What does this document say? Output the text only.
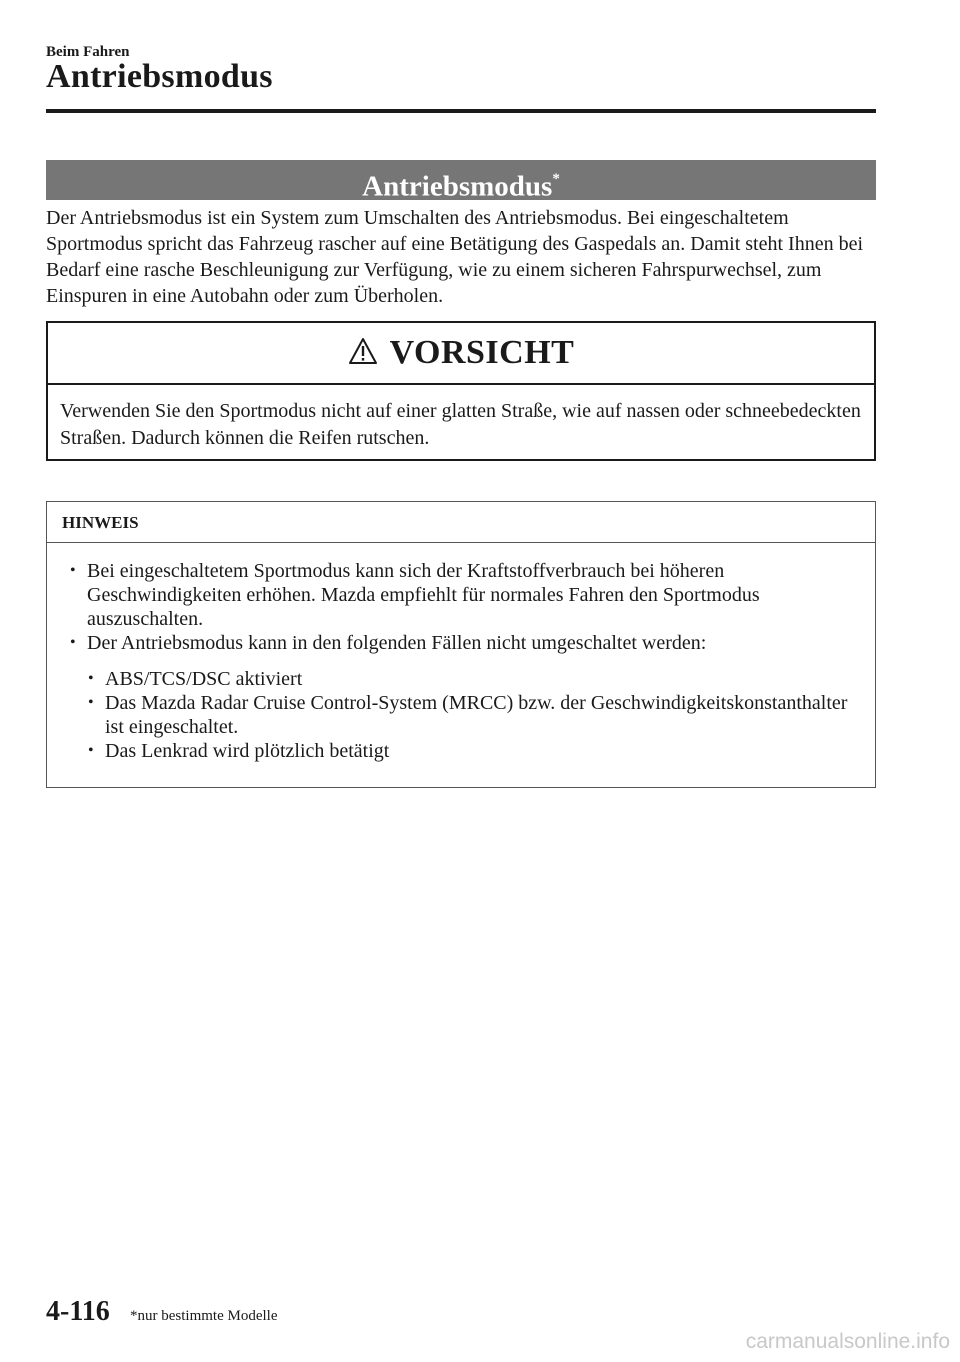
Beim Fahren
Antriebsmodus
Antriebsmodus*

Der Antriebsmodus ist ein System zum Umschalten des Antriebsmodus. Bei eingeschaltetem Sportmodus spricht das Fahrzeug rascher auf eine Betätigung des Gaspedals an. Damit steht Ihnen bei Bedarf eine rasche Beschleunigung zur Verfügung, wie zu einem sicheren Fahrspurwechsel, zum Einspuren in eine Autobahn oder zum Überholen.

VORSICHT

Verwenden Sie den Sportmodus nicht auf einer glatten Straße, wie auf nassen oder schneebedeckten Straßen. Dadurch können die Reifen rutschen.

HINWEIS
• Bei eingeschaltetem Sportmodus kann sich der Kraftstoffverbrauch bei höheren Geschwindigkeiten erhöhen. Mazda empfiehlt für normales Fahren den Sportmodus auszuschalten.
• Der Antriebsmodus kann in den folgenden Fällen nicht umgeschaltet werden:
• ABS/TCS/DSC aktiviert
• Das Mazda Radar Cruise Control-System (MRCC) bzw. der Geschwindigkeitskonstanthalter ist eingeschaltet.
• Das Lenkrad wird plötzlich betätigt
4-116 *nur bestimmte Modelle
carmanualsonline.info
